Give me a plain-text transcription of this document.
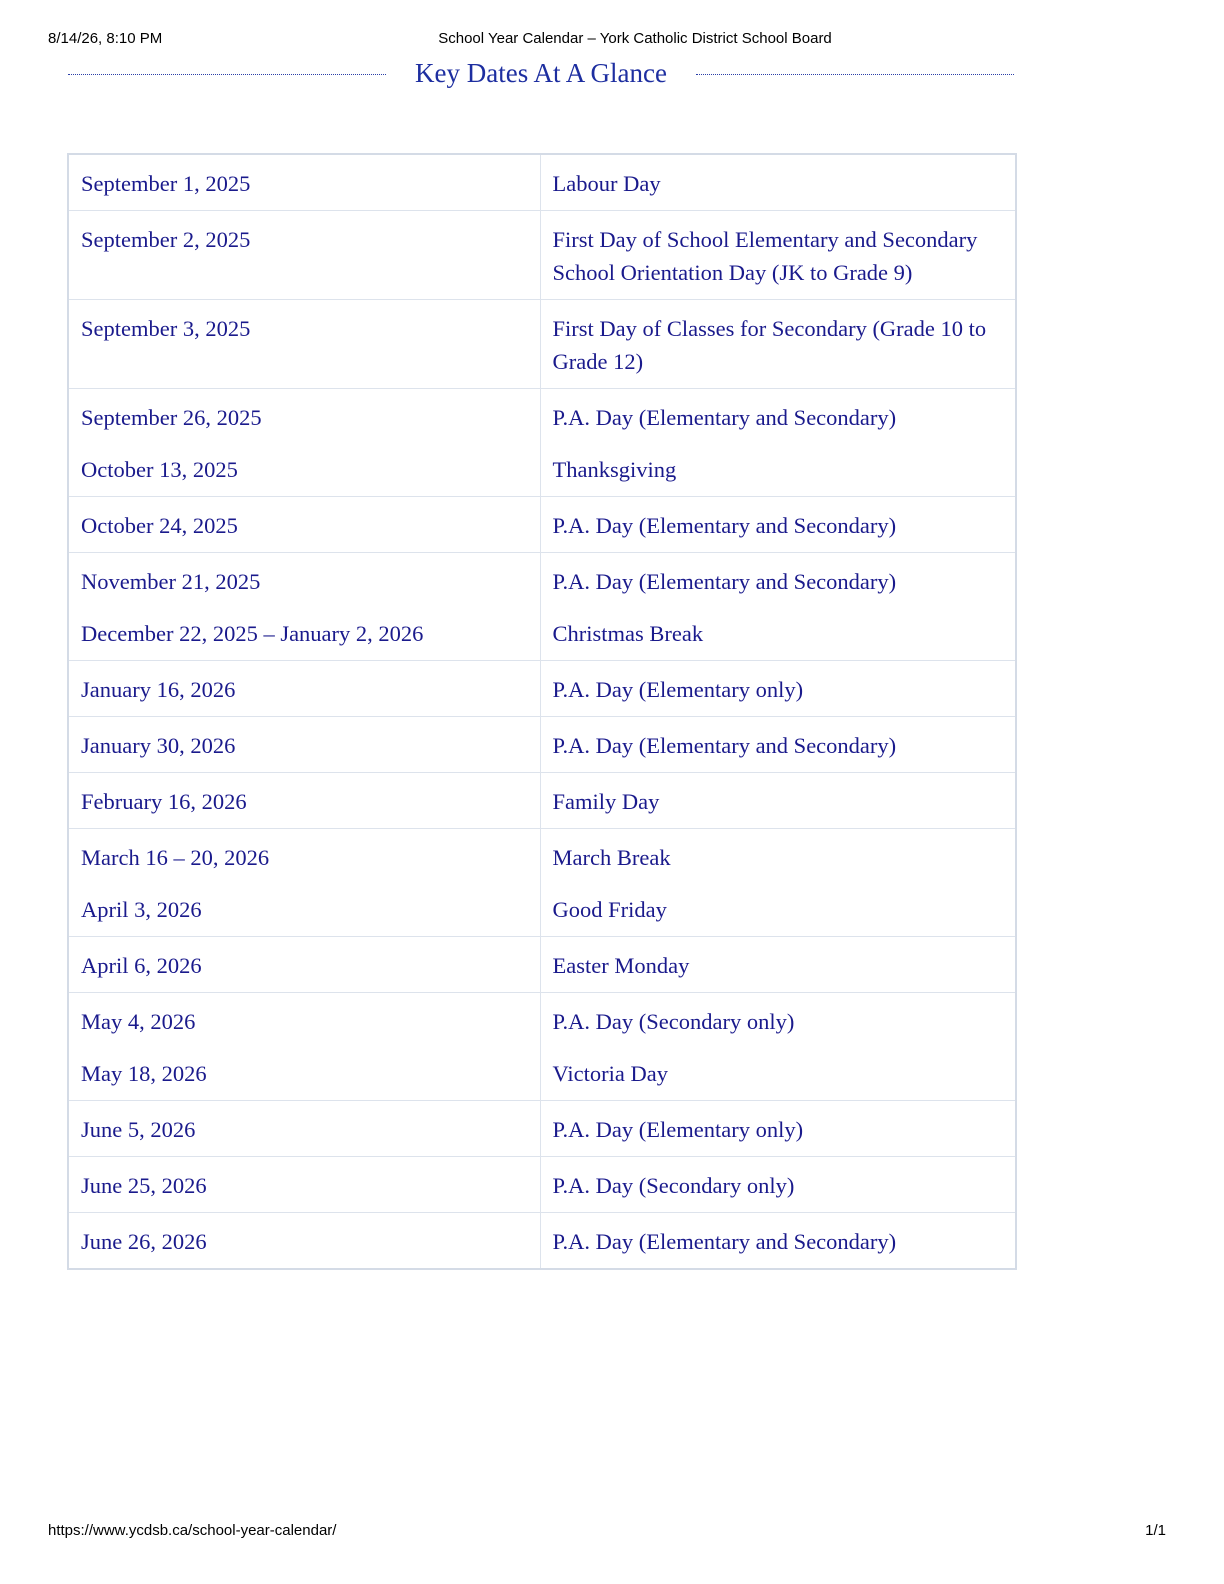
8/14/26, 8:10 PM	School Year Calendar – York Catholic District School Board
Key Dates At A Glance
September 1, 2025	Labour Day
September 2, 2025	First Day of School Elementary and Secondary School Orientation Day (JK to Grade 9)
September 3, 2025	First Day of Classes for Secondary (Grade 10 to Grade 12)
September 26, 2025	P.A. Day (Elementary and Secondary)
October 13, 2025	Thanksgiving
October 24, 2025	P.A. Day (Elementary and Secondary)
November 21, 2025	P.A. Day (Elementary and Secondary)
December 22, 2025 – January 2, 2026	Christmas Break
January 16, 2026	P.A. Day (Elementary only)
January 30, 2026	P.A. Day (Elementary and Secondary)
February 16, 2026	Family Day
March 16 – 20, 2026	March Break
April 3, 2026	Good Friday
April 6, 2026	Easter Monday
May 4, 2026	P.A. Day (Secondary only)
May 18, 2026	Victoria Day
June 5, 2026	P.A. Day (Elementary only)
June 25, 2026	P.A. Day (Secondary only)
June 26, 2026	P.A. Day (Elementary and Secondary)
https://www.ycdsb.ca/school-year-calendar/	1/1
